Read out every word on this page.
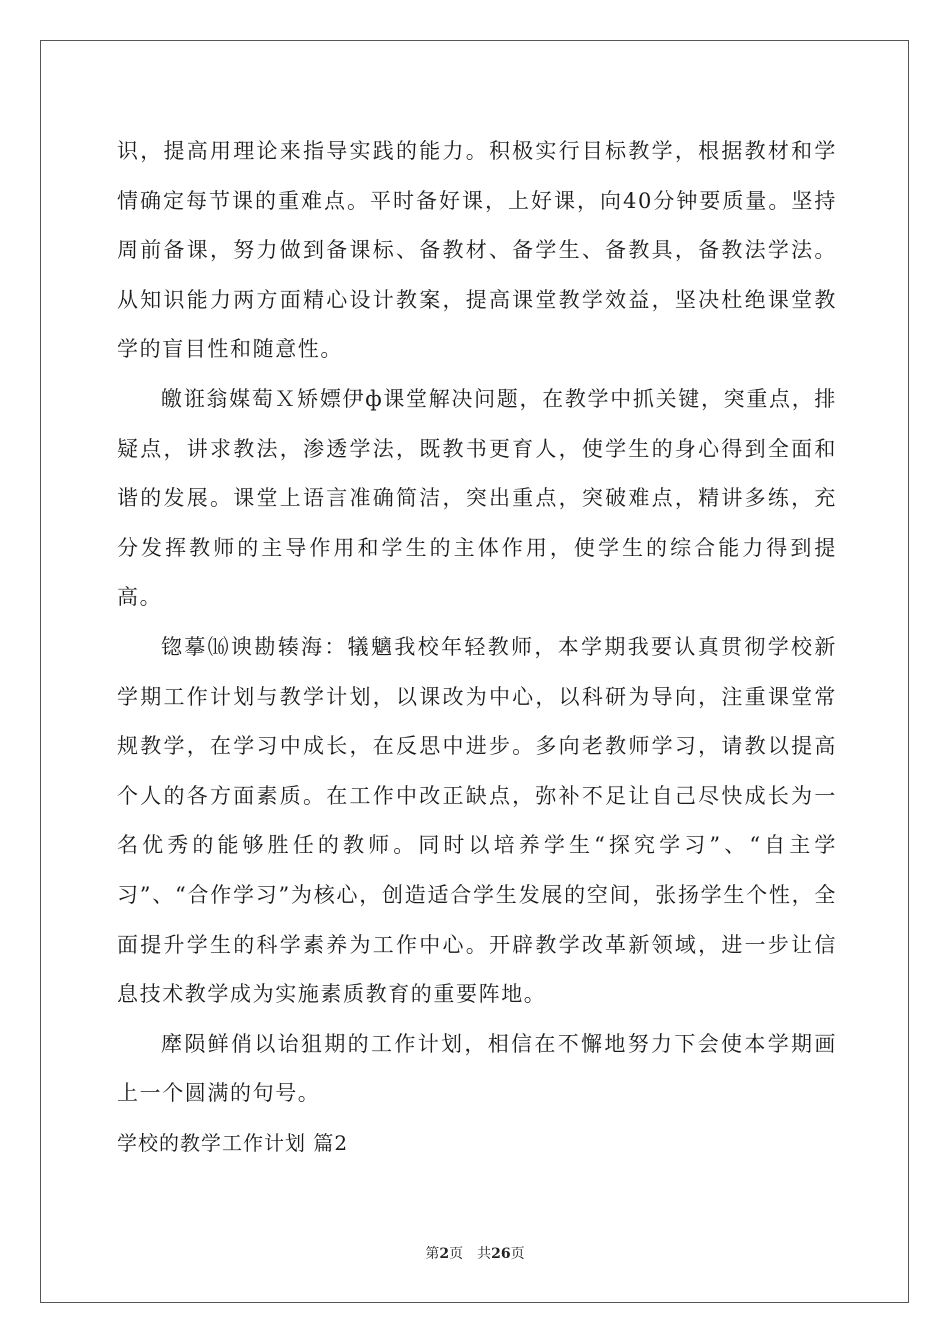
识，提高用理论来指导实践的能力。积极实行目标教学，根据教材和学情确定每节课的重难点。平时备好课，上好课，向40分钟要质量。坚持周前备课，努力做到备课标、备教材、备学生、备教具，备教法学法。从知识能力两方面精心设计教案，提高课堂教学效益，坚决杜绝课堂教学的盲目性和随意性。

皦诳翁媒萄Ｘ矫嫖伊ф课堂解决问题，在教学中抓关键，突重点，排疑点，讲求教法，渗透学法，既教书更育人，使学生的身心得到全面和谐的发展。课堂上语言准确简洁，突出重点，突破难点，精讲多练，充分发挥教师的主导作用和学生的主体作用，使学生的综合能力得到提高。

锪摹⒃谀勘辏海：犠魑我校年轻教师，本学期我要认真贯彻学校新学期工作计划与教学计划，以课改为中心，以科研为导向，注重课堂常规教学，在学习中成长，在反思中进步。多向老教师学习，请教以提高个人的各方面素质。在工作中改正缺点，弥补不足让自己尽快成长为一名优秀的能够胜任的教师。同时以培养学生“探究学习”、“自主学习”、“合作学习”为核心，创造适合学生发展的空间，张扬学生个性，全面提升学生的科学素养为工作中心。开辟教学改革新领域，进一步让信息技术教学成为实施素质教育的重要阵地。

犘陨鲜俏以诒狙期的工作计划，相信在不懈地努力下会使本学期画上一个圆满的句号。

学校的教学工作计划 篇2

第2页 共26页
